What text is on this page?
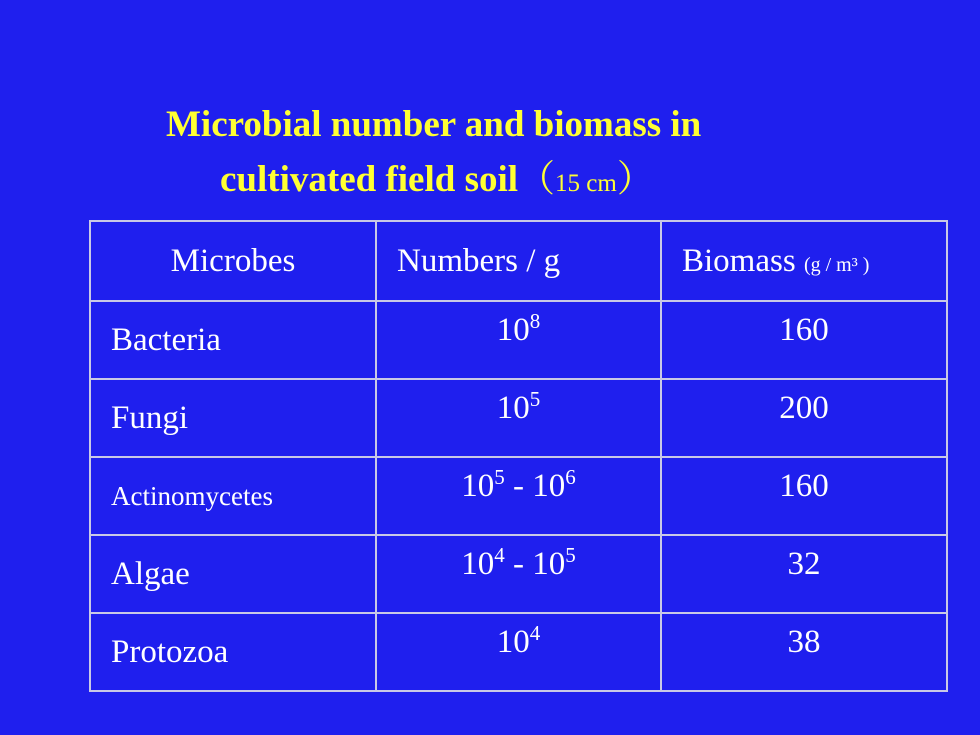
Microbial number and biomass in
cultivated field soil（15 cm）
Microbes	Numbers / g	Biomass (g / m³ )
Bacteria	$10^8$	160
Fungi	$10^5$	200
Actinomycetes	$10^5 - 10^6$	160
Algae	$10^4 - 10^5$	32
Protozoa	$10^4$	38
